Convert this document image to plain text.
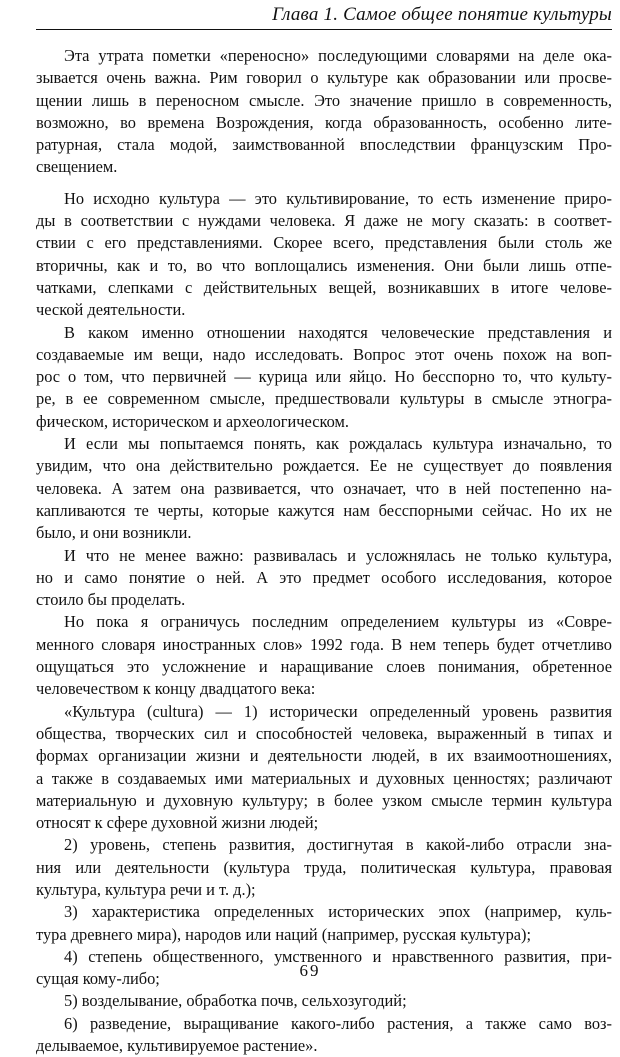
Глава 1. Самое общее понятие культуры

Эта утрата пометки «переносно» последующими словарями на деле ока-
зывается очень важна. Рим говорил о культуре как образовании или просве-
щении лишь в переносном смысле. Это значение пришло в современность,
возможно, во времена Возрождения, когда образованность, особенно лите-
ратурная, стала модой, заимствованной впоследствии французским Про-
свещением.

Но исходно культура — это культивирование, то есть изменение приро-
ды в соответствии с нуждами человека. Я даже не могу сказать: в соответ-
ствии с его представлениями. Скорее всего, представления были столь же
вторичны, как и то, во что воплощались изменения. Они были лишь отпе-
чатками, слепками с действительных вещей, возникавших в итоге челове-
ческой деятельности.

В каком именно отношении находятся человеческие представления и
создаваемые им вещи, надо исследовать. Вопрос этот очень похож на воп-
рос о том, что первичней — курица или яйцо. Но бесспорно то, что культу-
ре, в ее современном смысле, предшествовали культуры в смысле этногра-
фическом, историческом и археологическом.

И если мы попытаемся понять, как рождалась культура изначально, то
увидим, что она действительно рождается. Ее не существует до появления
человека. А затем она развивается, что означает, что в ней постепенно на-
капливаются те черты, которые кажутся нам бесспорными сейчас. Но их не
было, и они возникли.

И что не менее важно: развивалась и усложнялась не только культура,
но и само понятие о ней. А это предмет особого исследования, которое
стоило бы проделать.

Но пока я ограничусь последним определением культуры из «Совре-
менного словаря иностранных слов» 1992 года. В нем теперь будет отчетливо
ощущаться это усложнение и наращивание слоев понимания, обретенное
человечеством к концу двадцатого века:

«Культура (cultura) — 1) исторически определенный уровень развития
общества, творческих сил и способностей человека, выраженный в типах и
формах организации жизни и деятельности людей, в их взаимоотношениях,
а также в создаваемых ими материальных и духовных ценностях; различают
материальную и духовную культуру; в более узком смысле термин культура
относят к сфере духовной жизни людей;

2) уровень, степень развития, достигнутая в какой-либо отрасли зна-
ния или деятельности (культура труда, политическая культура, правовая
культура, культура речи и т. д.);

3) характеристика определенных исторических эпох (например, куль-
тура древнего мира), народов или наций (например, русская культура);

4) степень общественного, умственного и нравственного развития, при-
сущая кому-либо;

5) возделывание, обработка почв, сельхозугодий;

6) разведение, выращивание какого-либо растения, а также само воз-
делываемое, культивируемое растение».

69
